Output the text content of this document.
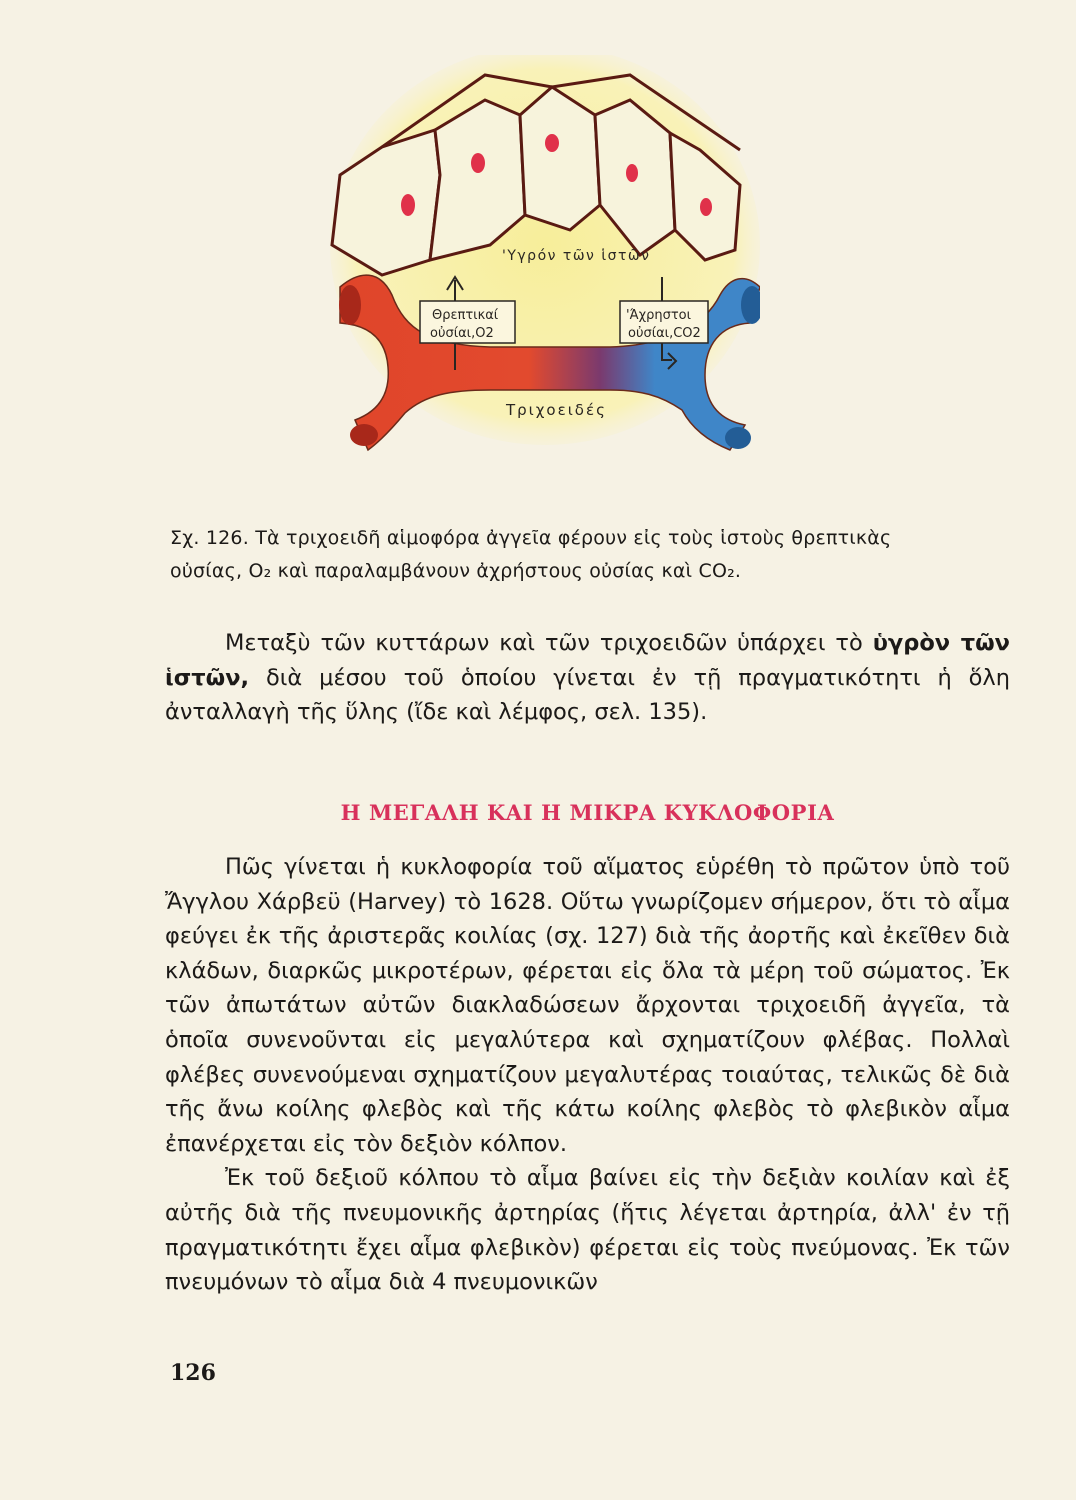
Θρεπτικαί
οὐσίαι,O2
'Άχρηστοι
οὐσίαι,CO2
'Υγρόν τῶν ἱστῶν
Τριχοειδές

Σχ. 126. Τὰ τριχοειδῆ αἱμοφόρα ἀγγεῖα φέρουν εἰς τοὺς ἱστοὺς θρεπτικὰς

οὐσίας, O₂ καὶ παραλαμβάνουν ἀχρήστους οὐσίας καὶ CO₂.

Μεταξὺ τῶν κυττάρων καὶ τῶν τριχοειδῶν ὑπάρχει τὸ ὑγρὸν τῶν ἱστῶν, διὰ μέσου τοῦ ὁποίου γίνεται ἐν τῇ πραγματικότητι ἡ ὅλη ἀνταλλαγὴ τῆς ὕλης (ἴδε καὶ λέμφος, σελ. 135).

Η ΜΕΓΑΛΗ ΚΑΙ Η ΜΙΚΡΑ ΚΥΚΛΟΦΟΡΙΑ

Πῶς γίνεται ἡ κυκλοφορία τοῦ αἵματος εὑρέθη τὸ πρῶτον ὑπὸ τοῦ Ἄγγλου Χάρβεϋ (Harvey) τὸ 1628. Οὕτω γνωρίζομεν σήμερον, ὅτι τὸ αἷμα φεύγει ἐκ τῆς ἀριστερᾶς κοιλίας (σχ. 127) διὰ τῆς ἀορτῆς καὶ ἐκεῖθεν διὰ κλάδων, διαρκῶς μικροτέρων, φέρεται εἰς ὅλα τὰ μέρη τοῦ σώματος. Ἐκ τῶν ἀπωτάτων αὐτῶν διακλαδώσεων ἄρχονται τριχοειδῆ ἀγγεῖα, τὰ ὁποῖα συνενοῦνται εἰς μεγαλύτερα καὶ σχηματίζουν φλέβας. Πολλαὶ φλέβες συνενούμεναι σχηματίζουν μεγαλυτέρας τοιαύτας, τελικῶς δὲ διὰ τῆς ἄνω κοίλης φλεβὸς καὶ τῆς κάτω κοίλης φλεβὸς τὸ φλεβικὸν αἷμα ἐπανέρχεται εἰς τὸν δεξιὸν κόλπον.

Ἐκ τοῦ δεξιοῦ κόλπου τὸ αἷμα βαίνει εἰς τὴν δεξιὰν κοιλίαν καὶ ἐξ αὐτῆς διὰ τῆς πνευμονικῆς ἀρτηρίας (ἥτις λέγεται ἀρτηρία, ἀλλ' ἐν τῇ πραγματικότητι ἔχει αἷμα φλεβικὸν) φέρεται εἰς τοὺς πνεύμονας. Ἐκ τῶν πνευμόνων τὸ αἷμα διὰ 4 πνευμονικῶν

126
